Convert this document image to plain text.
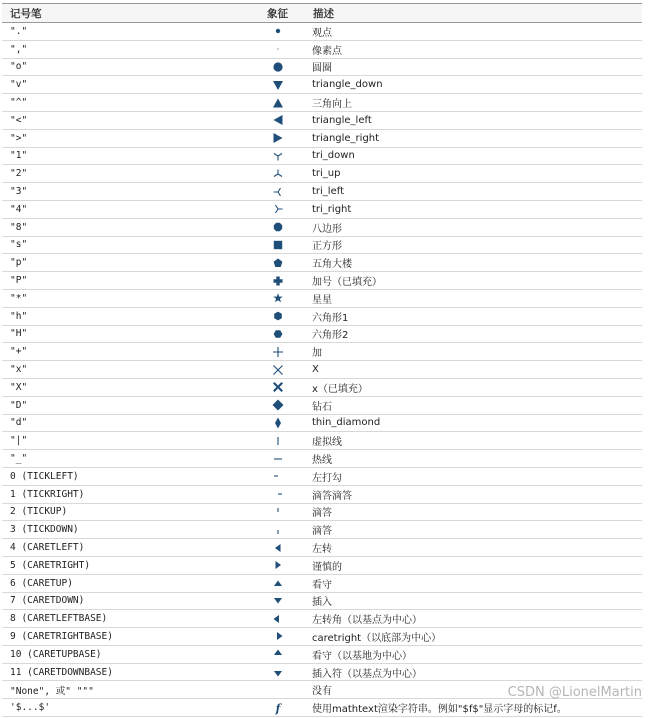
记号笔	象征	描述
"."		观点
","		像素点
"o"		圆圈
"v"		triangle_down
"^"		三角向上
"<"		triangle_left
">"		triangle_right
"1"		tri_down
"2"		tri_up
"3"		tri_left
"4"		tri_right
"8"		八边形
"s"		正方形
"p"		五角大楼
"P"		加号（已填充）
"*"		星星
"h"		六角形1
"H"		六角形2
"+"		加
"x"		X
"X"		x（已填充）
"D"		钻石
"d"		thin_diamond
"|"		虚拟线
"_"		热线
0 (TICKLEFT)		左打勾
1 (TICKRIGHT)		滴答滴答
2 (TICKUP)		滴答
3 (TICKDOWN)		滴答
4 (CARETLEFT)		左转
5 (CARETRIGHT)		谨慎的
6 (CARETUP)		看守
7 (CARETDOWN)		插入
8 (CARETLEFTBASE)		左转角（以基点为中心）
9 (CARETRIGHTBASE)		caretright（以底部为中心）
10 (CARETUPBASE)		看守（以基地为中心）
11 (CARETDOWNBASE)		插入符（以基点为中心）
"None", 或" """		没有
'$...$'	f	使用mathtext渲染字符串。例如"$f$"显示字母的标记f。
CSDN @LionelMartin
